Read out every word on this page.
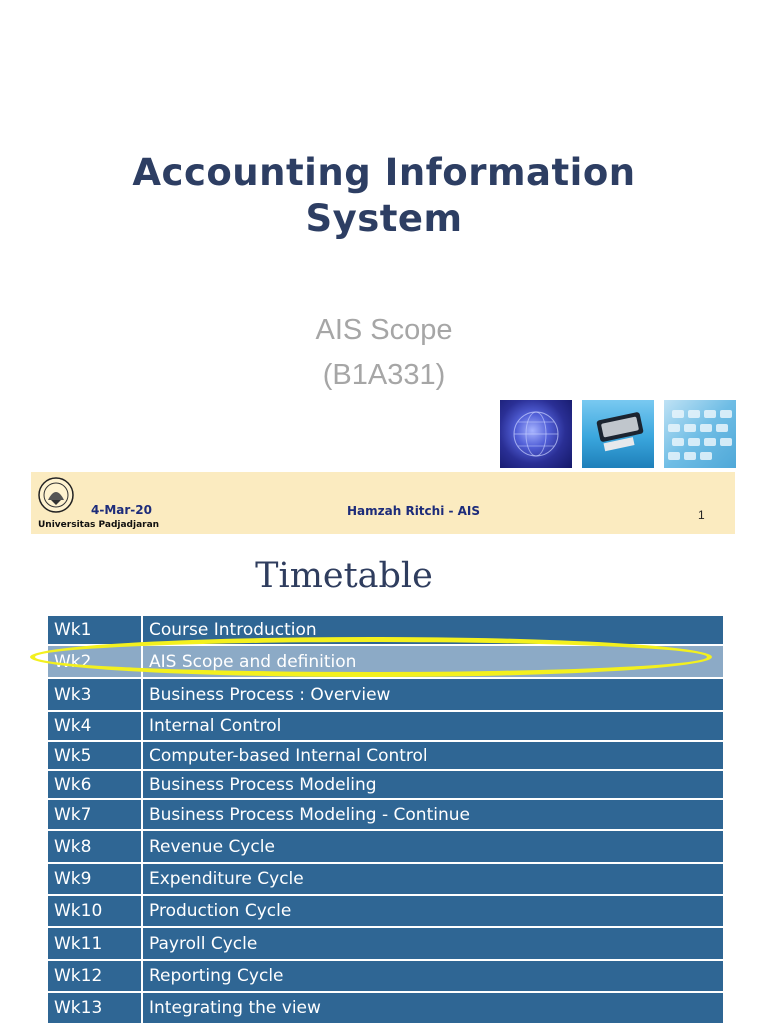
Accounting Information
System
AIS Scope
(B1A331)
4-Mar-20
Universitas Padjadjaran
Hamzah Ritchi - AIS	1
Timetable
Wk1	Course Introduction
Wk2	AIS Scope and definition
Wk3	Business Process : Overview
Wk4	Internal Control
Wk5	Computer-based Internal Control
Wk6	Business Process Modeling
Wk7	Business Process Modeling - Continue
Wk8	Revenue Cycle
Wk9	Expenditure Cycle
Wk10	Production Cycle
Wk11	Payroll Cycle
Wk12	Reporting Cycle
Wk13	Integrating the view
